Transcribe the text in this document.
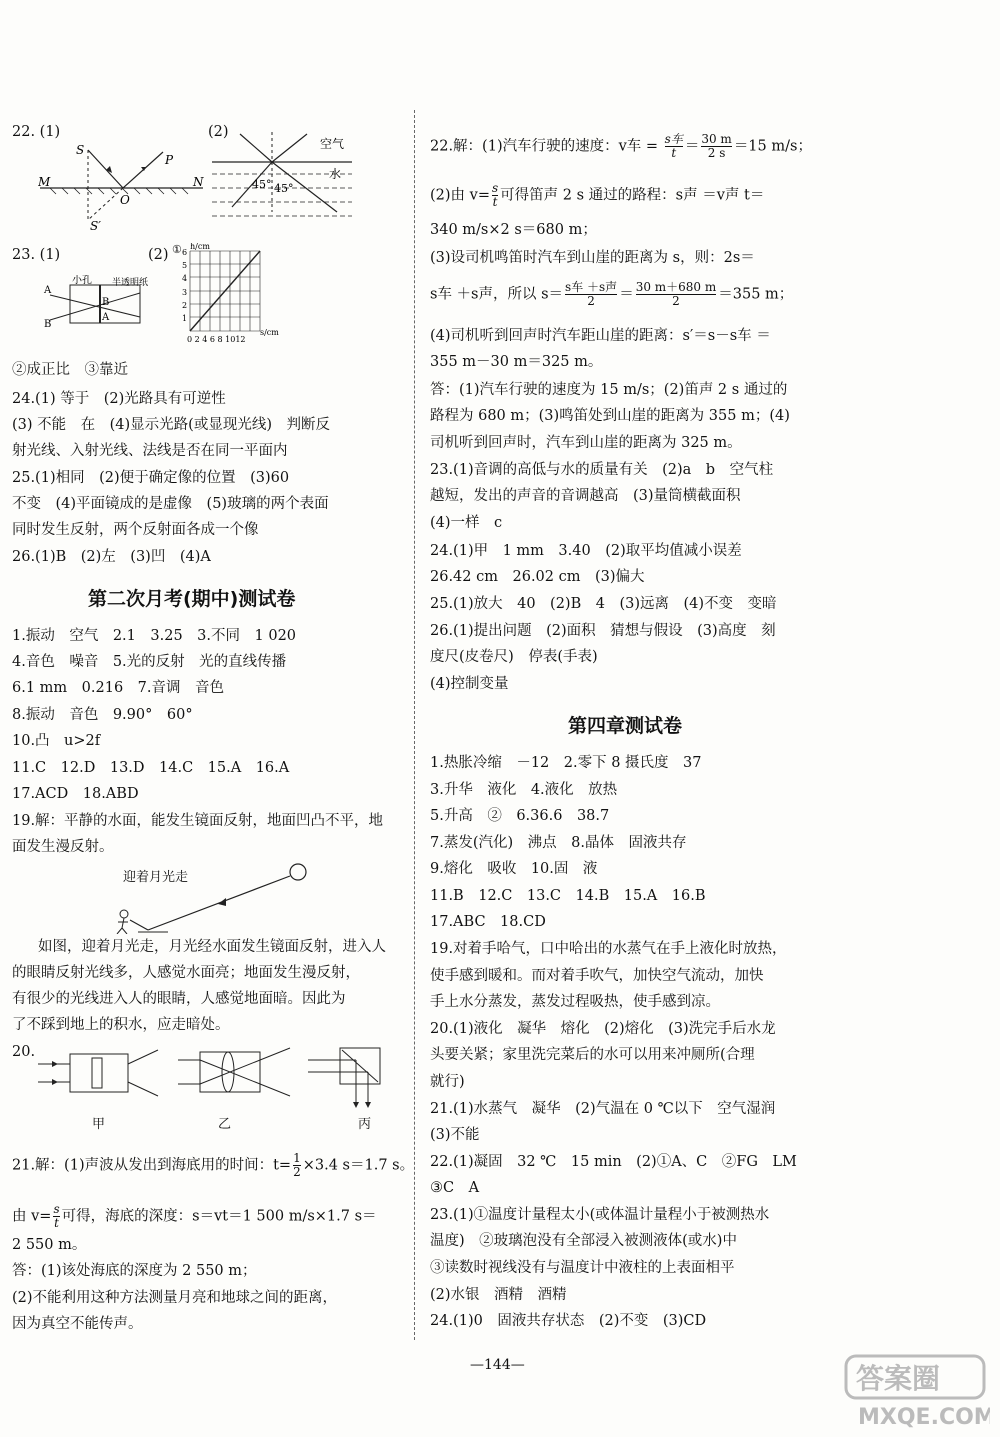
22. (1)
S
P
M
O
N
S′
(2)
空气
水
45° 45°
23. (1)
A
B
B
A
小孔 半透明纸
(2) ① h/cm
s/cm
6
5
4
3
2
1
0 2 4 6 8 1012
②成正比　③靠近
24.(1) 等于　(2)光路具有可逆性
(3) 不能　在　(4)显示光路(或显现光线)　判断反
射光线、入射光线、法线是否在同一平面内
25.(1)相同　(2)便于确定像的位置　(3)60
不变　(4)平面镜成的是虚像　(5)玻璃的两个表面
同时发生反射，两个反射面各成一个像
26.(1)B　(2)左　(3)凹　(4)A
第二次月考(期中)测试卷
1.振动　空气　2.1　3.25　3.不同　1 020
4.音色　噪音　5.光的反射　光的直线传播
6.1 mm　0.216　7.音调　音色
8.振动　音色　9.90°　60°
10.凸　u>2f
11.C　12.D　13.D　14.C　15.A　16.A
17.ACD　18.ABD
19.解：平静的水面，能发生镜面反射，地面凹凸不平，地
面发生漫反射。
迎着月光走
如图，迎着月光走，月光经水面发生镜面反射，进入人
的眼睛反射光线多，人感觉水面亮；地面发生漫反射，
有很少的光线进入人的眼睛，人感觉地面暗。因此为
了不踩到地上的积水，应走暗处。
20.
甲	乙	丙
21.解：(1)声波从发出到海底用的时间：$t= \frac{1}{2} \times 3.4$ s＝1.7 s。
由 $v= \frac{s}{t}$ 可得，海底的深度：s＝vt＝1 500 m/s×1.7 s＝
2 550 m。
答：(1)该处海底的深度为 2 550 m；
(2)不能利用这种方法测量月亮和地球之间的距离，
因为真空不能传声。
22.解：(1)汽车行驶的速度：v车 = s车
$t = \frac{30 m}{2 s} =15$ m/s；
(2)由 $v= \frac{s}{t}$ 可得笛声 2 s 通过的路程：s声 ＝v声 t＝
340 m/s×2 s＝680 m；
(3)设司机鸣笛时汽车到山崖的距离为 s，则：2s＝
s车 ＋s声，所以 s＝ s车 ＋s声
2	＝ $\frac{30 m+680 m}{2} =355$ m；
(4)司机听到回声时汽车距山崖的距离：s′＝s－s车 ＝
355 m－30 m＝325 m。
答：(1)汽车行驶的速度为 15 m/s；(2)笛声 2 s 通过的
路程为 680 m；(3)鸣笛处到山崖的距离为 355 m；(4)
司机听到回声时，汽车到山崖的距离为 325 m。
23.(1)音调的高低与水的质量有关　(2)a　b　空气柱
越短，发出的声音的音调越高　(3)量筒横截面积
(4)一样　c
24.(1)甲　1 mm　3.40　(2)取平均值减小误差
26.42 cm　26.02 cm　(3)偏大
25.(1)放大　40　(2)B　4　(3)远离　(4)不变　变暗
26.(1)提出问题　(2)面积　猜想与假设　(3)高度　刻
度尺(皮卷尺)　停表(手表)
(4)控制变量
第四章测试卷
1.热胀冷缩　－12　2.零下 8 摄氏度　37
3.升华　液化　4.液化　放热
5.升高　②　6.36.6　38.7
7.蒸发(汽化)　沸点　8.晶体　固液共存
9.熔化　吸收　10.固　液
11.B　12.C　13.C　14.B　15.A　16.B
17.ABC　18.CD
19.对着手哈气，口中哈出的水蒸气在手上液化时放热，
使手感到暖和。而对着手吹气，加快空气流动，加快
手上水分蒸发，蒸发过程吸热，使手感到凉。
20.(1)液化　凝华　熔化　(2)熔化　(3)洗完手后水龙
头要关紧；家里洗完菜后的水可以用来冲厕所(合理
就行)
21.(1)水蒸气　凝华　(2)气温在 0 ℃以下　空气湿润
(3)不能
22.(1)凝固　32 ℃　15 min　(2)①A、C　②FG　LM
③C　A
23.(1)①温度计量程太小(或体温计量程小于被测热水
温度)　②玻璃泡没有全部浸入被测液体(或水)中
③读数时视线没有与温度计中液柱的上表面相平
(2)水银　酒精　酒精
24.(1)0　固液共存状态　(2)不变　(3)CD
—144—	答案圈
MXQE.COM
